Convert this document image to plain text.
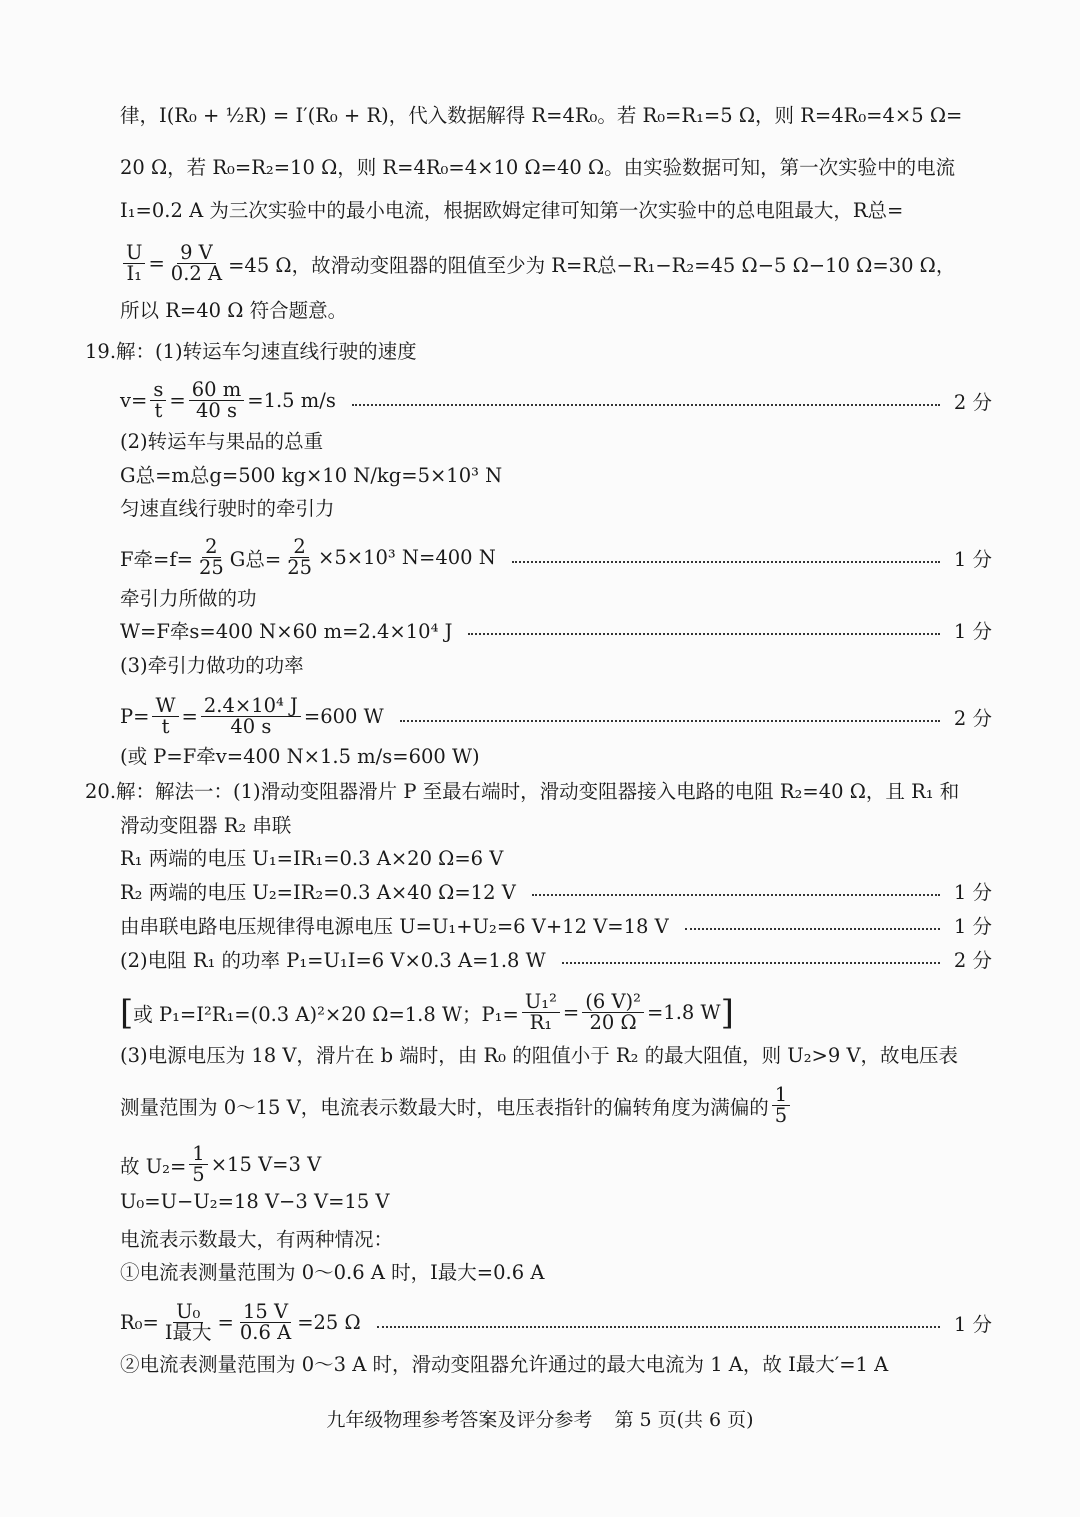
律，I(R₀ + ½R) = I′(R₀ + R)，代入数据解得 R=4R₀。若 R₀=R₁=5 Ω，则 R=4R₀=4×5 Ω=
20 Ω，若 R₀=R₂=10 Ω，则 R=4R₀=4×10 Ω=40 Ω。由实验数据可知，第一次实验中的电流
I₁=0.2 A 为三次实验中的最小电流，根据欧姆定律可知第一次实验中的总电阻最大，R总=
$\frac{U}{\text{I₁}} = \frac{9 V}{0.2 A} =45$ Ω，故滑动变阻器的阻值至少为 R=R总−R₁−R₂=45 Ω−5 Ω−10 Ω=30 Ω，
所以 R=40 Ω 符合题意。
19.解：(1)转运车匀速直线行驶的速度
$v= \frac{s}{t} = \frac{60 m}{40 s} =1.5$ m/s	2 分
(2)转运车与果品的总重
G总=m总g=500 kg×10 N/kg=5×10³ N
匀速直线行驶时的牵引力
F牵$=f= \frac{2}{25}$ G总= $\frac{2}{25} \times 5\times 10^3$ N=400 N	1 分
牵引力所做的功
W=F牵s=400 N×60 m=2.4×10⁴ J	1 分
(3)牵引力做功的功率
$P= \frac{W}{t} = \frac{\text{2.4×10⁴ J}}{40 s} =600$ W	2 分
(或 P=F牵v=400 N×1.5 m/s=600 W)
20.解：解法一：(1)滑动变阻器滑片 P 至最右端时，滑动变阻器接入电路的电阻 R₂=40 Ω，且 R₁ 和
滑动变阻器 R₂ 串联
R₁ 两端的电压 U₁=IR₁=0.3 A×20 Ω=6 V
R₂ 两端的电压 U₂=IR₂=0.3 A×40 Ω=12 V	1 分
由串联电路电压规律得电源电压 U=U₁+U₂=6 V+12 V=18 V	1 分
(2)电阻 R₁ 的功率 P₁=U₁I=6 V×0.3 A=1.8 W	2 分
[ 或 P₁=I²R₁=(0.3 A)²×20 Ω=1.8 W；$P_1= \frac{\text{U₁²}}{\text{R₁}} = \frac{\text{(6 V)²}}{20 \Omega} =1.8$ W ]
(3)电源电压为 18 V，滑片在 b 端时，由 R₀ 的阻值小于 R₂ 的最大阻值，则 U₂>9 V，故电压表
测量范围为 0～15 V，电流表示数最大时，电压表指针的偏转角度为满偏的 $\frac{1}{5}$
故 $U_2= \frac{1}{5} \times 15$ V=3 V
U₀=U−U₂=18 V−3 V=15 V
电流表示数最大，有两种情况：
①电流表测量范围为 0～0.6 A 时，I最大=0.6 A
$R_0= \frac{\text{U₀}}{\text{I最大}} = \frac{15 V}{0.6 A} =25$ Ω	1 分
②电流表测量范围为 0～3 A 时，滑动变阻器允许通过的最大电流为 1 A，故 I最大′=1 A
九年级物理参考答案及评分参考 第 5 页(共 6 页)
